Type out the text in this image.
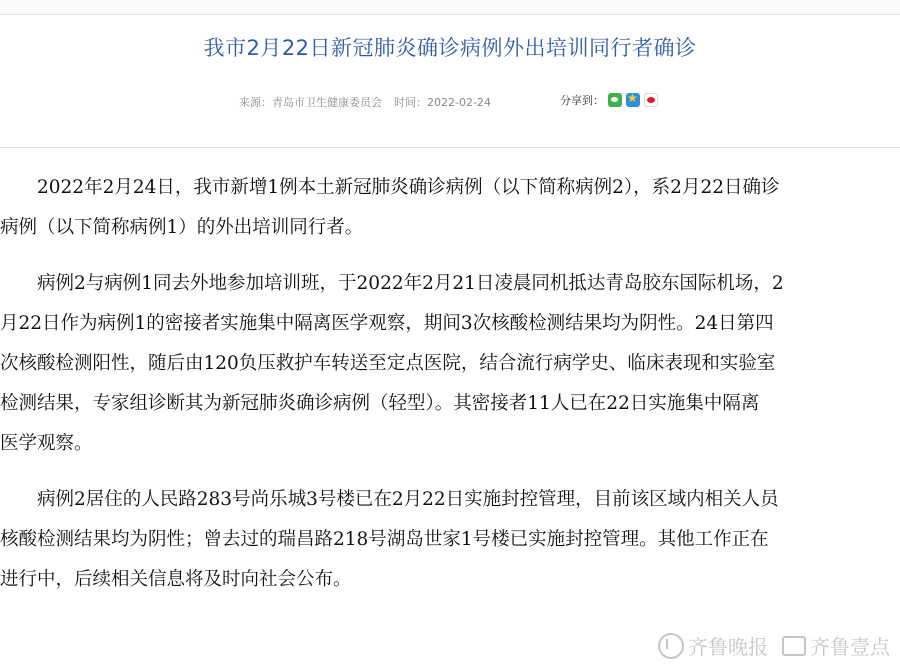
我市2月22日新冠肺炎确诊病例外出培训同行者确诊
来源：青岛市卫生健康委员会 时间：2022-02-24	分享到：
★

　　2022年2月24日，我市新增1例本土新冠肺炎确诊病例（以下简称病例2），系2月22日确诊
病例（以下简称病例1）的外出培训同行者。

　　病例2与病例1同去外地参加培训班，于2022年2月21日凌晨同机抵达青岛胶东国际机场，2
月22日作为病例1的密接者实施集中隔离医学观察，期间3次核酸检测结果均为阴性。24日第四
次核酸检测阳性，随后由120负压救护车转送至定点医院，结合流行病学史、临床表现和实验室
检测结果，专家组诊断其为新冠肺炎确诊病例（轻型）。其密接者11人已在22日实施集中隔离
医学观察。

　　病例2居住的人民路283号尚乐城3号楼已在2月22日实施封控管理，目前该区域内相关人员
核酸检测结果均为阴性；曾去过的瑞昌路218号湖岛世家1号楼已实施封控管理。其他工作正在
进行中，后续相关信息将及时向社会公布。

齐鲁晚报 齐鲁壹点
